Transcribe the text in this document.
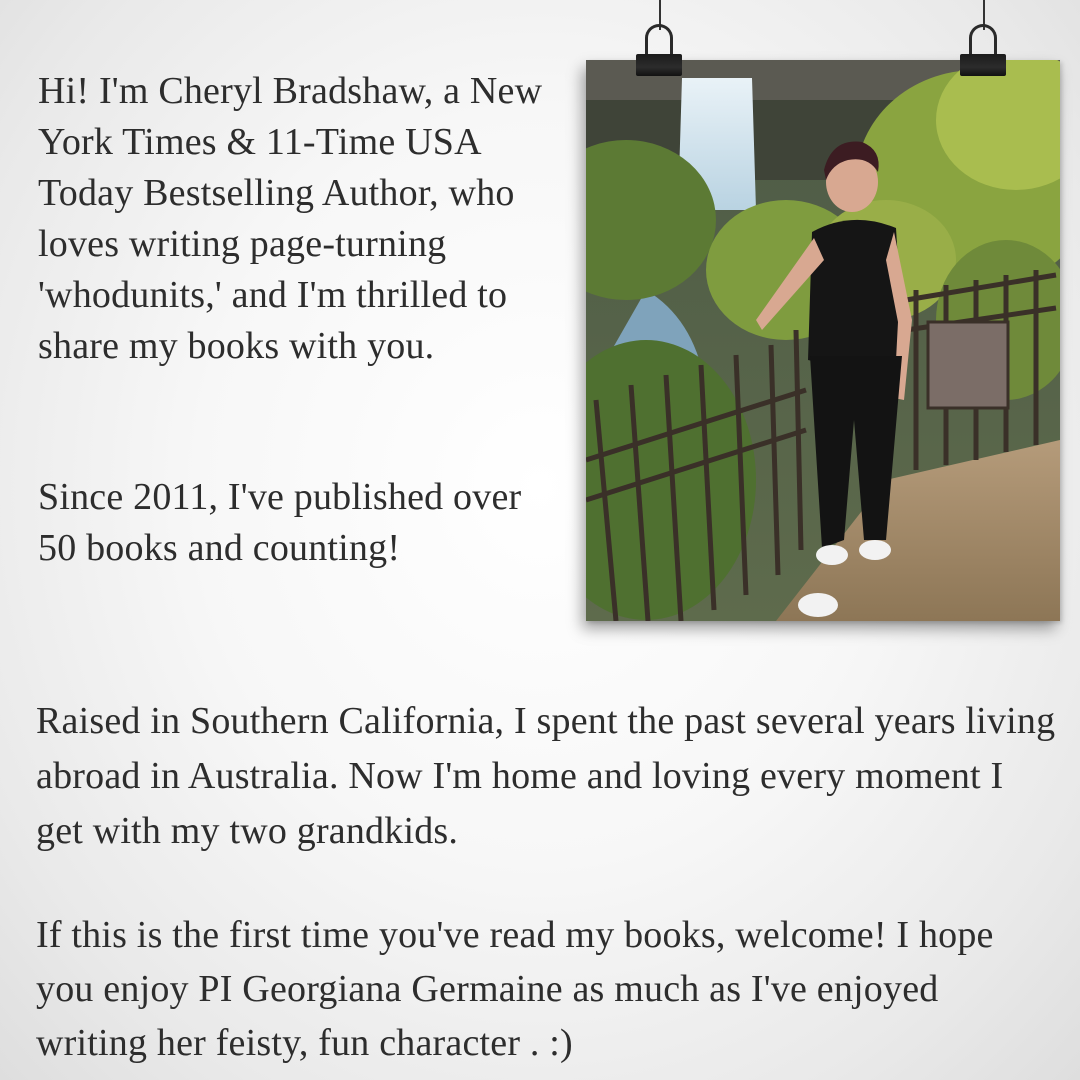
Hi! I'm Cheryl Bradshaw, a New York Times & 11-Time USA Today Bestselling Author, who loves writing page-turning 'whodunits,' and I'm thrilled to share my books with you.

Since 2011, I've published over 50 books and counting!

Raised in Southern California, I spent the past several years living abroad in Australia. Now I'm home and loving every moment I get with my two grandkids.

If this is the first time you've read my books, welcome! I hope you enjoy PI Georgiana Germaine as much as I've enjoyed writing her feisty, fun character . :)
